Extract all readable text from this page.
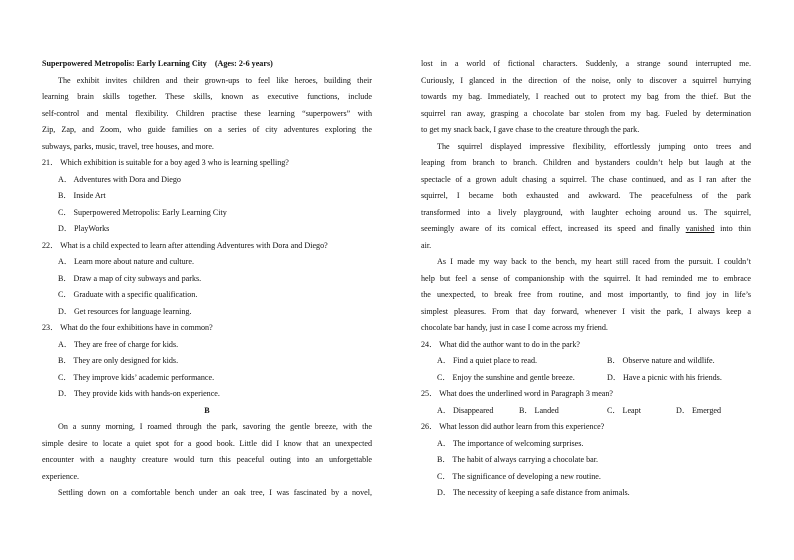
Superpowered Metropolis: Early Learning City (Ages: 2-6 years)
The exhibit invites children and their grown-ups to feel like heroes, building their
learning brain skills together. These skills, known as executive functions, include
self-control and mental flexibility. Children practise these learning “superpowers” with
Zip, Zap, and Zoom, who guide families on a series of city adventures exploring the
subways, parks, music, travel, tree houses, and more.
21． Which exhibition is suitable for a boy aged 3 who is learning spelling?
A． Adventures with Dora and Diego
B． Inside Art
C． Superpowered Metropolis: Early Learning City
D． PlayWorks
22． What is a child expected to learn after attending Adventures with Dora and Diego?
A． Learn more about nature and culture.
B． Draw a map of city subways and parks.
C． Graduate with a specific qualification.
D． Get resources for language learning.
23． What do the four exhibitions have in common?
A． They are free of charge for kids.
B． They are only designed for kids.
C． They improve kids’ academic performance.
D． They provide kids with hands-on experience.
B
On a sunny morning, I roamed through the park, savoring the gentle breeze, with the
simple desire to locate a quiet spot for a good book. Little did I know that an unexpected
encounter with a naughty creature would turn this peaceful outing into an unforgettable
experience.
Settling down on a comfortable bench under an oak tree, I was fascinated by a novel,
lost in a world of fictional characters. Suddenly, a strange sound interrupted me.
Curiously, I glanced in the direction of the noise, only to discover a squirrel hurrying
towards my bag. Immediately, I reached out to protect my bag from the thief. But the
squirrel ran away, grasping a chocolate bar stolen from my bag. Fueled by determination
to get my snack back, I gave chase to the creature through the park.
The squirrel displayed impressive flexibility, effortlessly jumping onto trees and
leaping from branch to branch. Children and bystanders couldn’t help but laugh at the
spectacle of a grown adult chasing a squirrel. The chase continued, and as I ran after the
squirrel, I became both exhausted and awkward. The peacefulness of the park
transformed into a lively playground, with laughter echoing around us. The squirrel,
seemingly aware of its comical effect, increased its speed and finally vanished into thin
air.
As I made my way back to the bench, my heart still raced from the pursuit. I couldn’t
help but feel a sense of companionship with the squirrel. It had reminded me to embrace
the unexpected, to break free from routine, and most importantly, to find joy in life’s
simplest pleasures. From that day forward, whenever I visit the park, I always keep a
chocolate bar handy, just in case I come across my friend.
24． What did the author want to do in the park?
A． Find a quiet place to read.	B． Observe nature and wildlife.
C． Enjoy the sunshine and gentle breeze.	D． Have a picnic with his friends.
25． What does the underlined word in Paragraph 3 mean?
A． Disappeared	B． Landed	C． Leapt	D． Emerged
26． What lesson did author learn from this experience?
A． The importance of welcoming surprises.
B． The habit of always carrying a chocolate bar.
C． The significance of developing a new routine.
D． The necessity of keeping a safe distance from animals.
